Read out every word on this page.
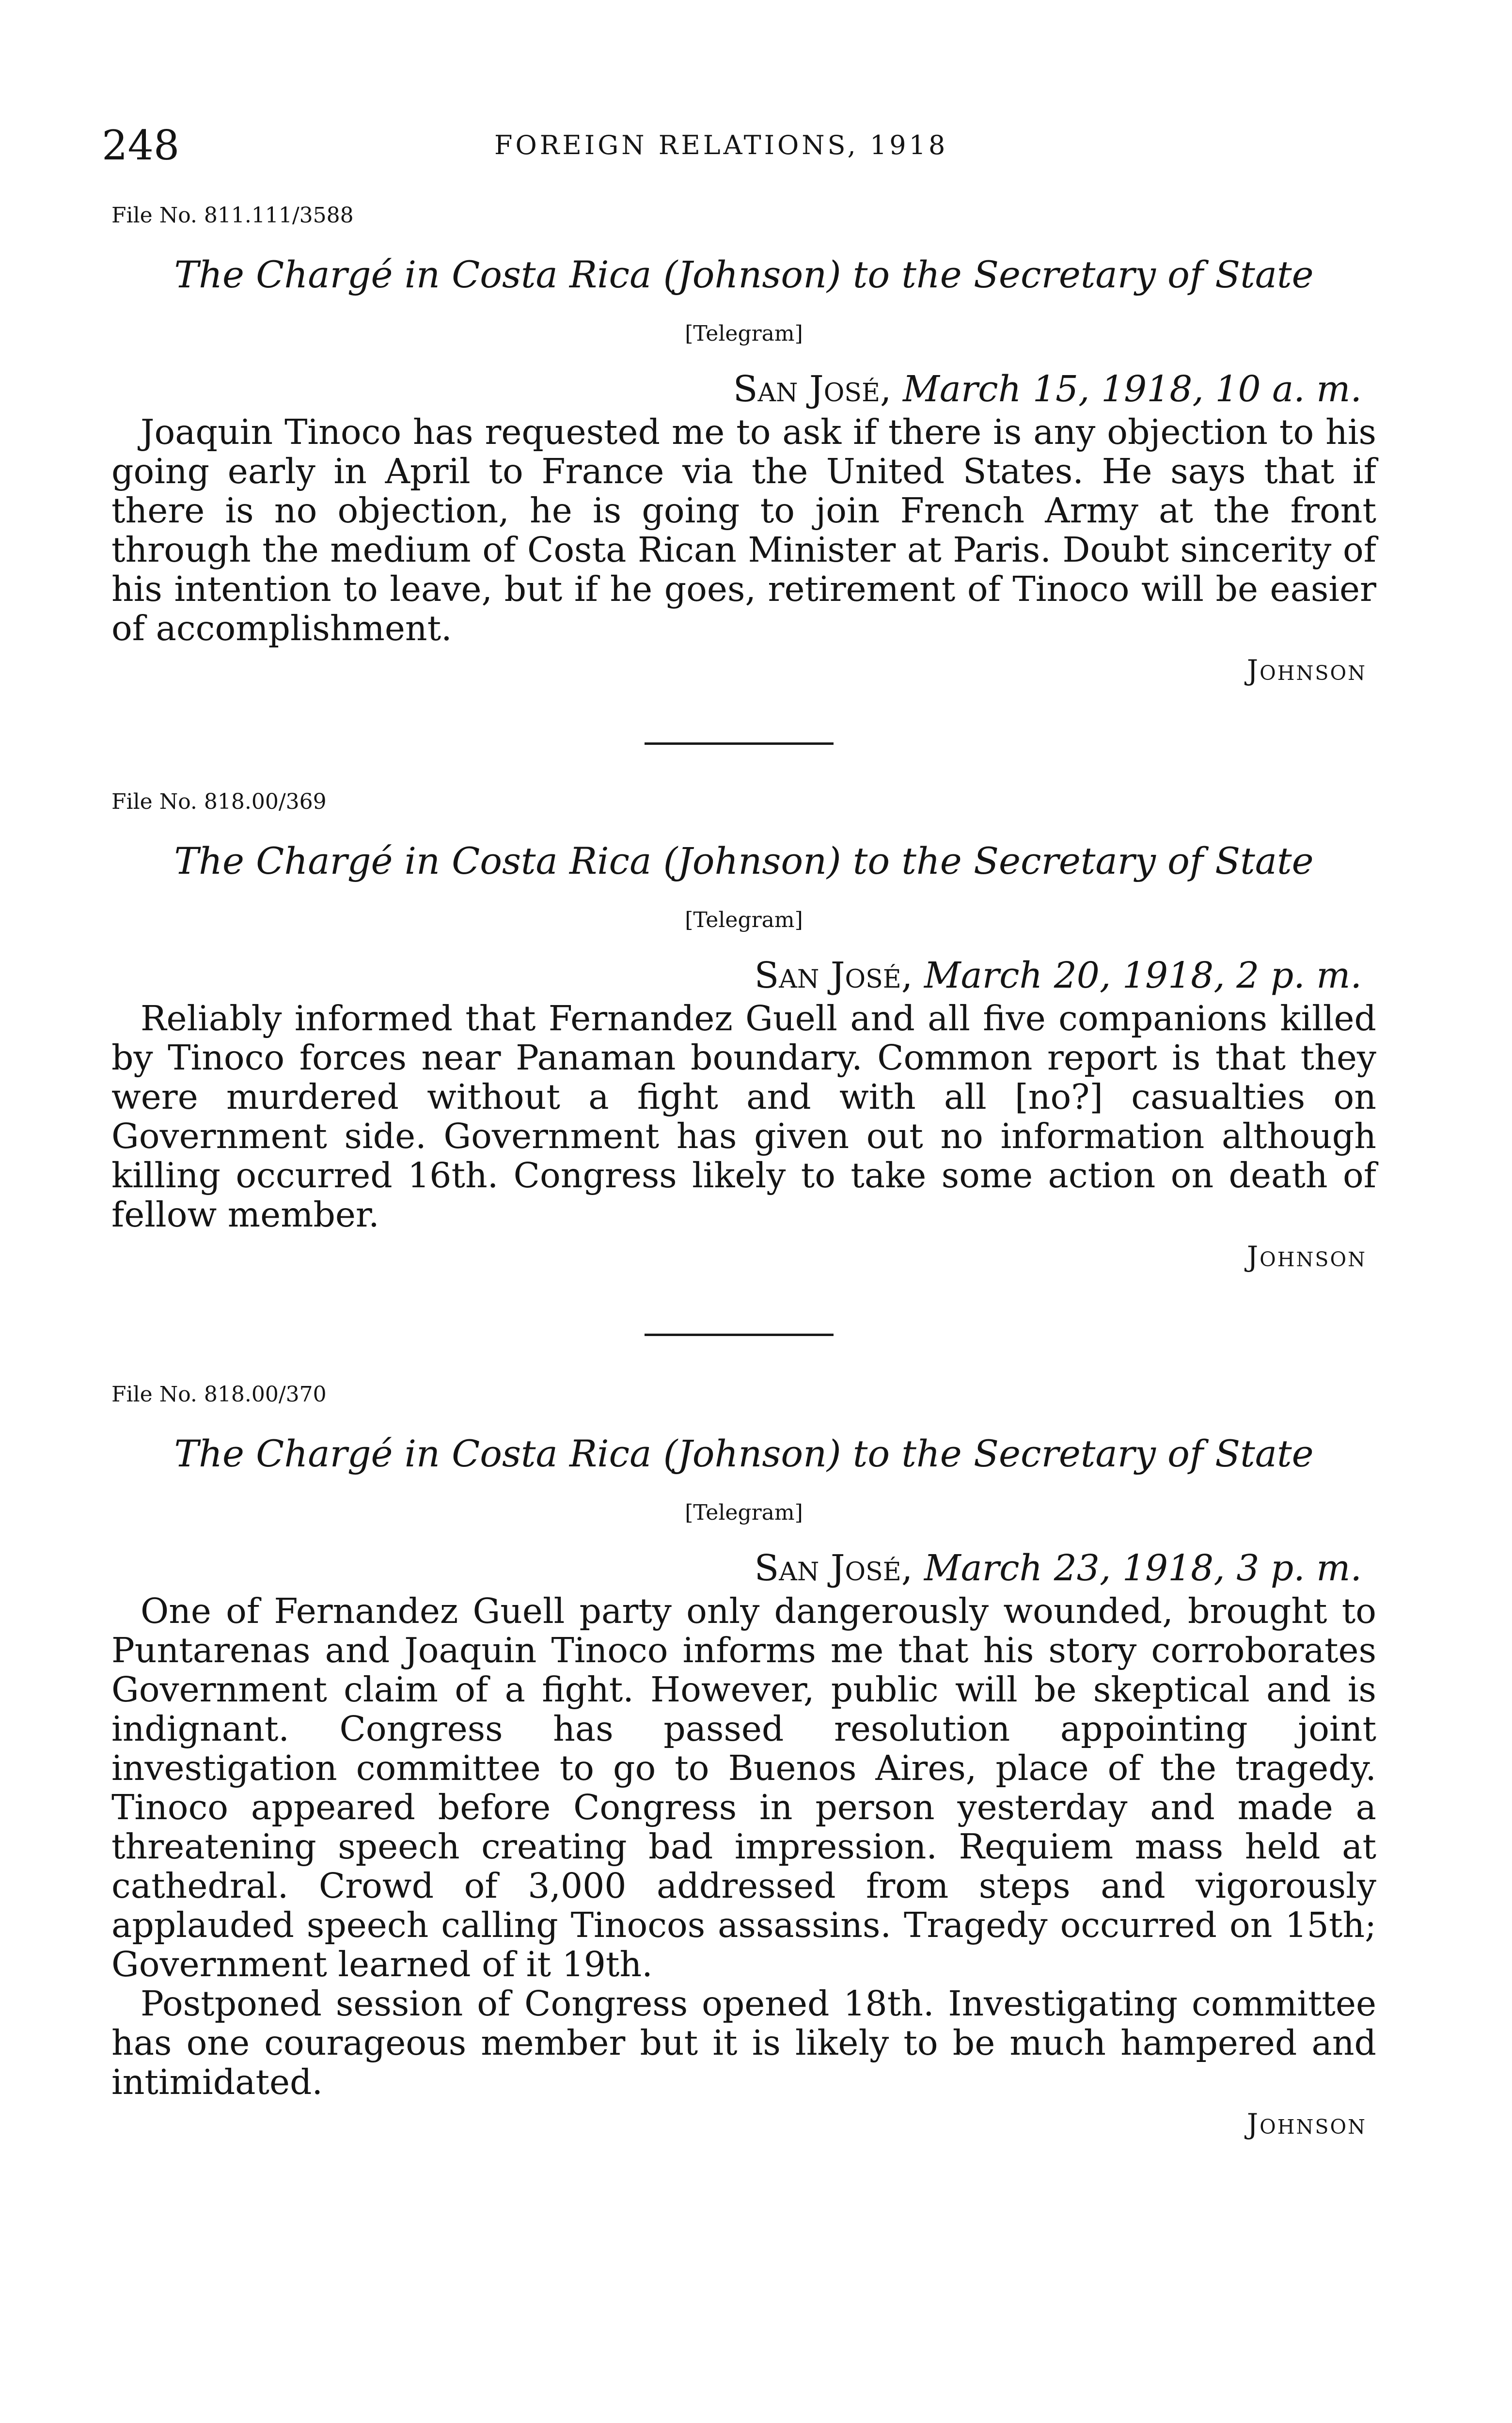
248	FOREIGN RELATIONS, 1918

File No. 811.111/3588

The Chargé in Costa Rica (Johnson) to the Secretary of State

[Telegram]

San José, March 15, 1918, 10 a. m.

Joaquin Tinoco has requested me to ask if there is any objection to his going early in April to France via the United States. He says that if there is no objection, he is going to join French Army at the front through the medium of Costa Rican Minister at Paris. Doubt sincerity of his intention to leave, but if he goes, retirement of Tinoco will be easier of accomplishment.

Johnson

File No. 818.00/369

The Chargé in Costa Rica (Johnson) to the Secretary of State

[Telegram]

San José, March 20, 1918, 2 p. m.

Reliably informed that Fernandez Guell and all five companions killed by Tinoco forces near Panaman boundary. Common report is that they were murdered without a fight and with all [no?] casualties on Government side. Government has given out no information although killing occurred 16th. Congress likely to take some action on death of fellow member.

Johnson

File No. 818.00/370

The Chargé in Costa Rica (Johnson) to the Secretary of State

[Telegram]

San José, March 23, 1918, 3 p. m.

One of Fernandez Guell party only dangerously wounded, brought to Puntarenas and Joaquin Tinoco informs me that his story corroborates Government claim of a fight. However, public will be skeptical and is indignant. Congress has passed resolution appointing joint investigation committee to go to Buenos Aires, place of the tragedy. Tinoco appeared before Congress in person yesterday and made a threatening speech creating bad impression. Requiem mass held at cathedral. Crowd of 3,000 addressed from steps and vigorously applauded speech calling Tinocos assassins. Tragedy occurred on 15th; Government learned of it 19th.

Postponed session of Congress opened 18th. Investigating committee has one courageous member but it is likely to be much hampered and intimidated.

Johnson
